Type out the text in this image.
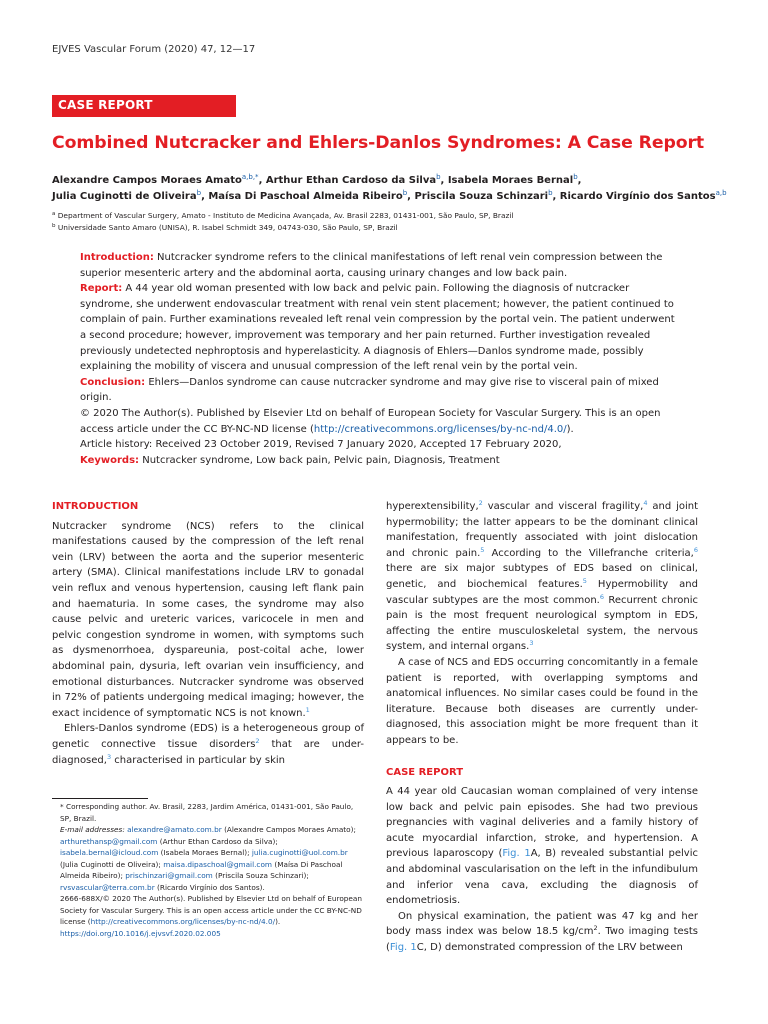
EJVES Vascular Forum (2020) 47, 12—17
CASE REPORT
Combined Nutcracker and Ehlers-Danlos Syndromes: A Case Report
Alexandre Campos Moraes Amato$^{a,b,*}$, Arthur Ethan Cardoso da Silva$^b$, Isabela Moraes Bernal$^b$,
Julia Cuginotti de Oliveira$^b$, Maísa Di Paschoal Almeida Ribeiro$^b$, Priscila Souza Schinzari$^b$, Ricardo Virgínio dos Santos$^{a,b}$
$^a$ Department of Vascular Surgery, Amato - Instituto de Medicina Avançada, Av. Brasil 2283, 01431-001, São Paulo, SP, Brazil
$^b$ Universidade Santo Amaro (UNISA), R. Isabel Schmidt 349, 04743-030, São Paulo, SP, Brazil
Introduction: Nutcracker syndrome refers to the clinical manifestations of left renal vein compression between the superior mesenteric artery and the abdominal aorta, causing urinary changes and low back pain.
Report: A 44 year old woman presented with low back and pelvic pain. Following the diagnosis of nutcracker syndrome, she underwent endovascular treatment with renal vein stent placement; however, the patient continued to complain of pain. Further examinations revealed left renal vein compression by the portal vein. The patient underwent a second procedure; however, improvement was temporary and her pain returned. Further investigation revealed previously undetected nephroptosis and hyperelasticity. A diagnosis of Ehlers—Danlos syndrome made, possibly explaining the mobility of viscera and unusual compression of the left renal vein by the portal vein.
Conclusion: Ehlers—Danlos syndrome can cause nutcracker syndrome and may give rise to visceral pain of mixed origin.
© 2020 The Author(s). Published by Elsevier Ltd on behalf of European Society for Vascular Surgery. This is an open access article under the CC BY-NC-ND license (http://creativecommons.org/licenses/by-nc-nd/4.0/).
Article history: Received 23 October 2019, Revised 7 January 2020, Accepted 17 February 2020,
Keywords: Nutcracker syndrome, Low back pain, Pelvic pain, Diagnosis, Treatment
INTRODUCTION

Nutcracker syndrome (NCS) refers to the clinical manifestations caused by the compression of the left renal vein (LRV) between the aorta and the superior mesenteric artery (SMA). Clinical manifestations include LRV to gonadal vein reflux and venous hypertension, causing left flank pain and haematuria. In some cases, the syndrome may also cause pelvic and ureteric varices, varicocele in men and pelvic congestion syndrome in women, with symptoms such as dysmenorrhoea, dyspareunia, post-coital ache, lower abdominal pain, dysuria, left ovarian vein insufficiency, and emotional disturbances. Nutcracker syndrome was observed in 72% of patients undergoing medical imaging; however, the exact incidence of symptomatic NCS is not known.$^1$

Ehlers-Danlos syndrome (EDS) is a heterogeneous group of genetic connective tissue disorders$^2$ that are under-diagnosed,$^3$ characterised in particular by skin

* Corresponding author. Av. Brasil, 2283, Jardim América, 01431-001, São Paulo, SP, Brazil.
E-mail addresses: alexandre@amato.com.br (Alexandre Campos Moraes Amato); arthurethansp@gmail.com (Arthur Ethan Cardoso da Silva); isabela.bernal@icloud.com (Isabela Moraes Bernal); julia.cuginotti@uol.com.br (Julia Cuginotti de Oliveira); maisa.dipaschoal@gmail.com (Maísa Di Paschoal Almeida Ribeiro); prischinzari@gmail.com (Priscila Souza Schinzari); rvsvascular@terra.com.br (Ricardo Virgínio dos Santos).
2666-688X/© 2020 The Author(s). Published by Elsevier Ltd on behalf of European Society for Vascular Surgery. This is an open access article under the CC BY-NC-ND license (http://creativecommons.org/licenses/by-nc-nd/4.0/).
https://doi.org/10.1016/j.ejvsvf.2020.02.005

hyperextensibility,$^2$ vascular and visceral fragility,$^4$ and joint hypermobility; the latter appears to be the dominant clinical manifestation, frequently associated with joint dislocation and chronic pain.$^5$ According to the Villefranche criteria,$^6$ there are six major subtypes of EDS based on clinical, genetic, and biochemical features.$^5$ Hypermobility and vascular subtypes are the most common.$^6$ Recurrent chronic pain is the most frequent neurological symptom in EDS, affecting the entire musculoskeletal system, the nervous system, and internal organs.$^3$

A case of NCS and EDS occurring concomitantly in a female patient is reported, with overlapping symptoms and anatomical influences. No similar cases could be found in the literature. Because both diseases are currently under-diagnosed, this association might be more frequent than it appears to be.

CASE REPORT

A 44 year old Caucasian woman complained of very intense low back and pelvic pain episodes. She had two previous pregnancies with vaginal deliveries and a family history of acute myocardial infarction, stroke, and hypertension. A previous laparoscopy (Fig. 1A, B) revealed substantial pelvic and abdominal vascularisation on the left in the infundibulum and inferior vena cava, excluding the diagnosis of endometriosis.

On physical examination, the patient was 47 kg and her body mass index was below 18.5 $kg/cm^2$. Two imaging tests (Fig. 1C, D) demonstrated compression of the LRV between
